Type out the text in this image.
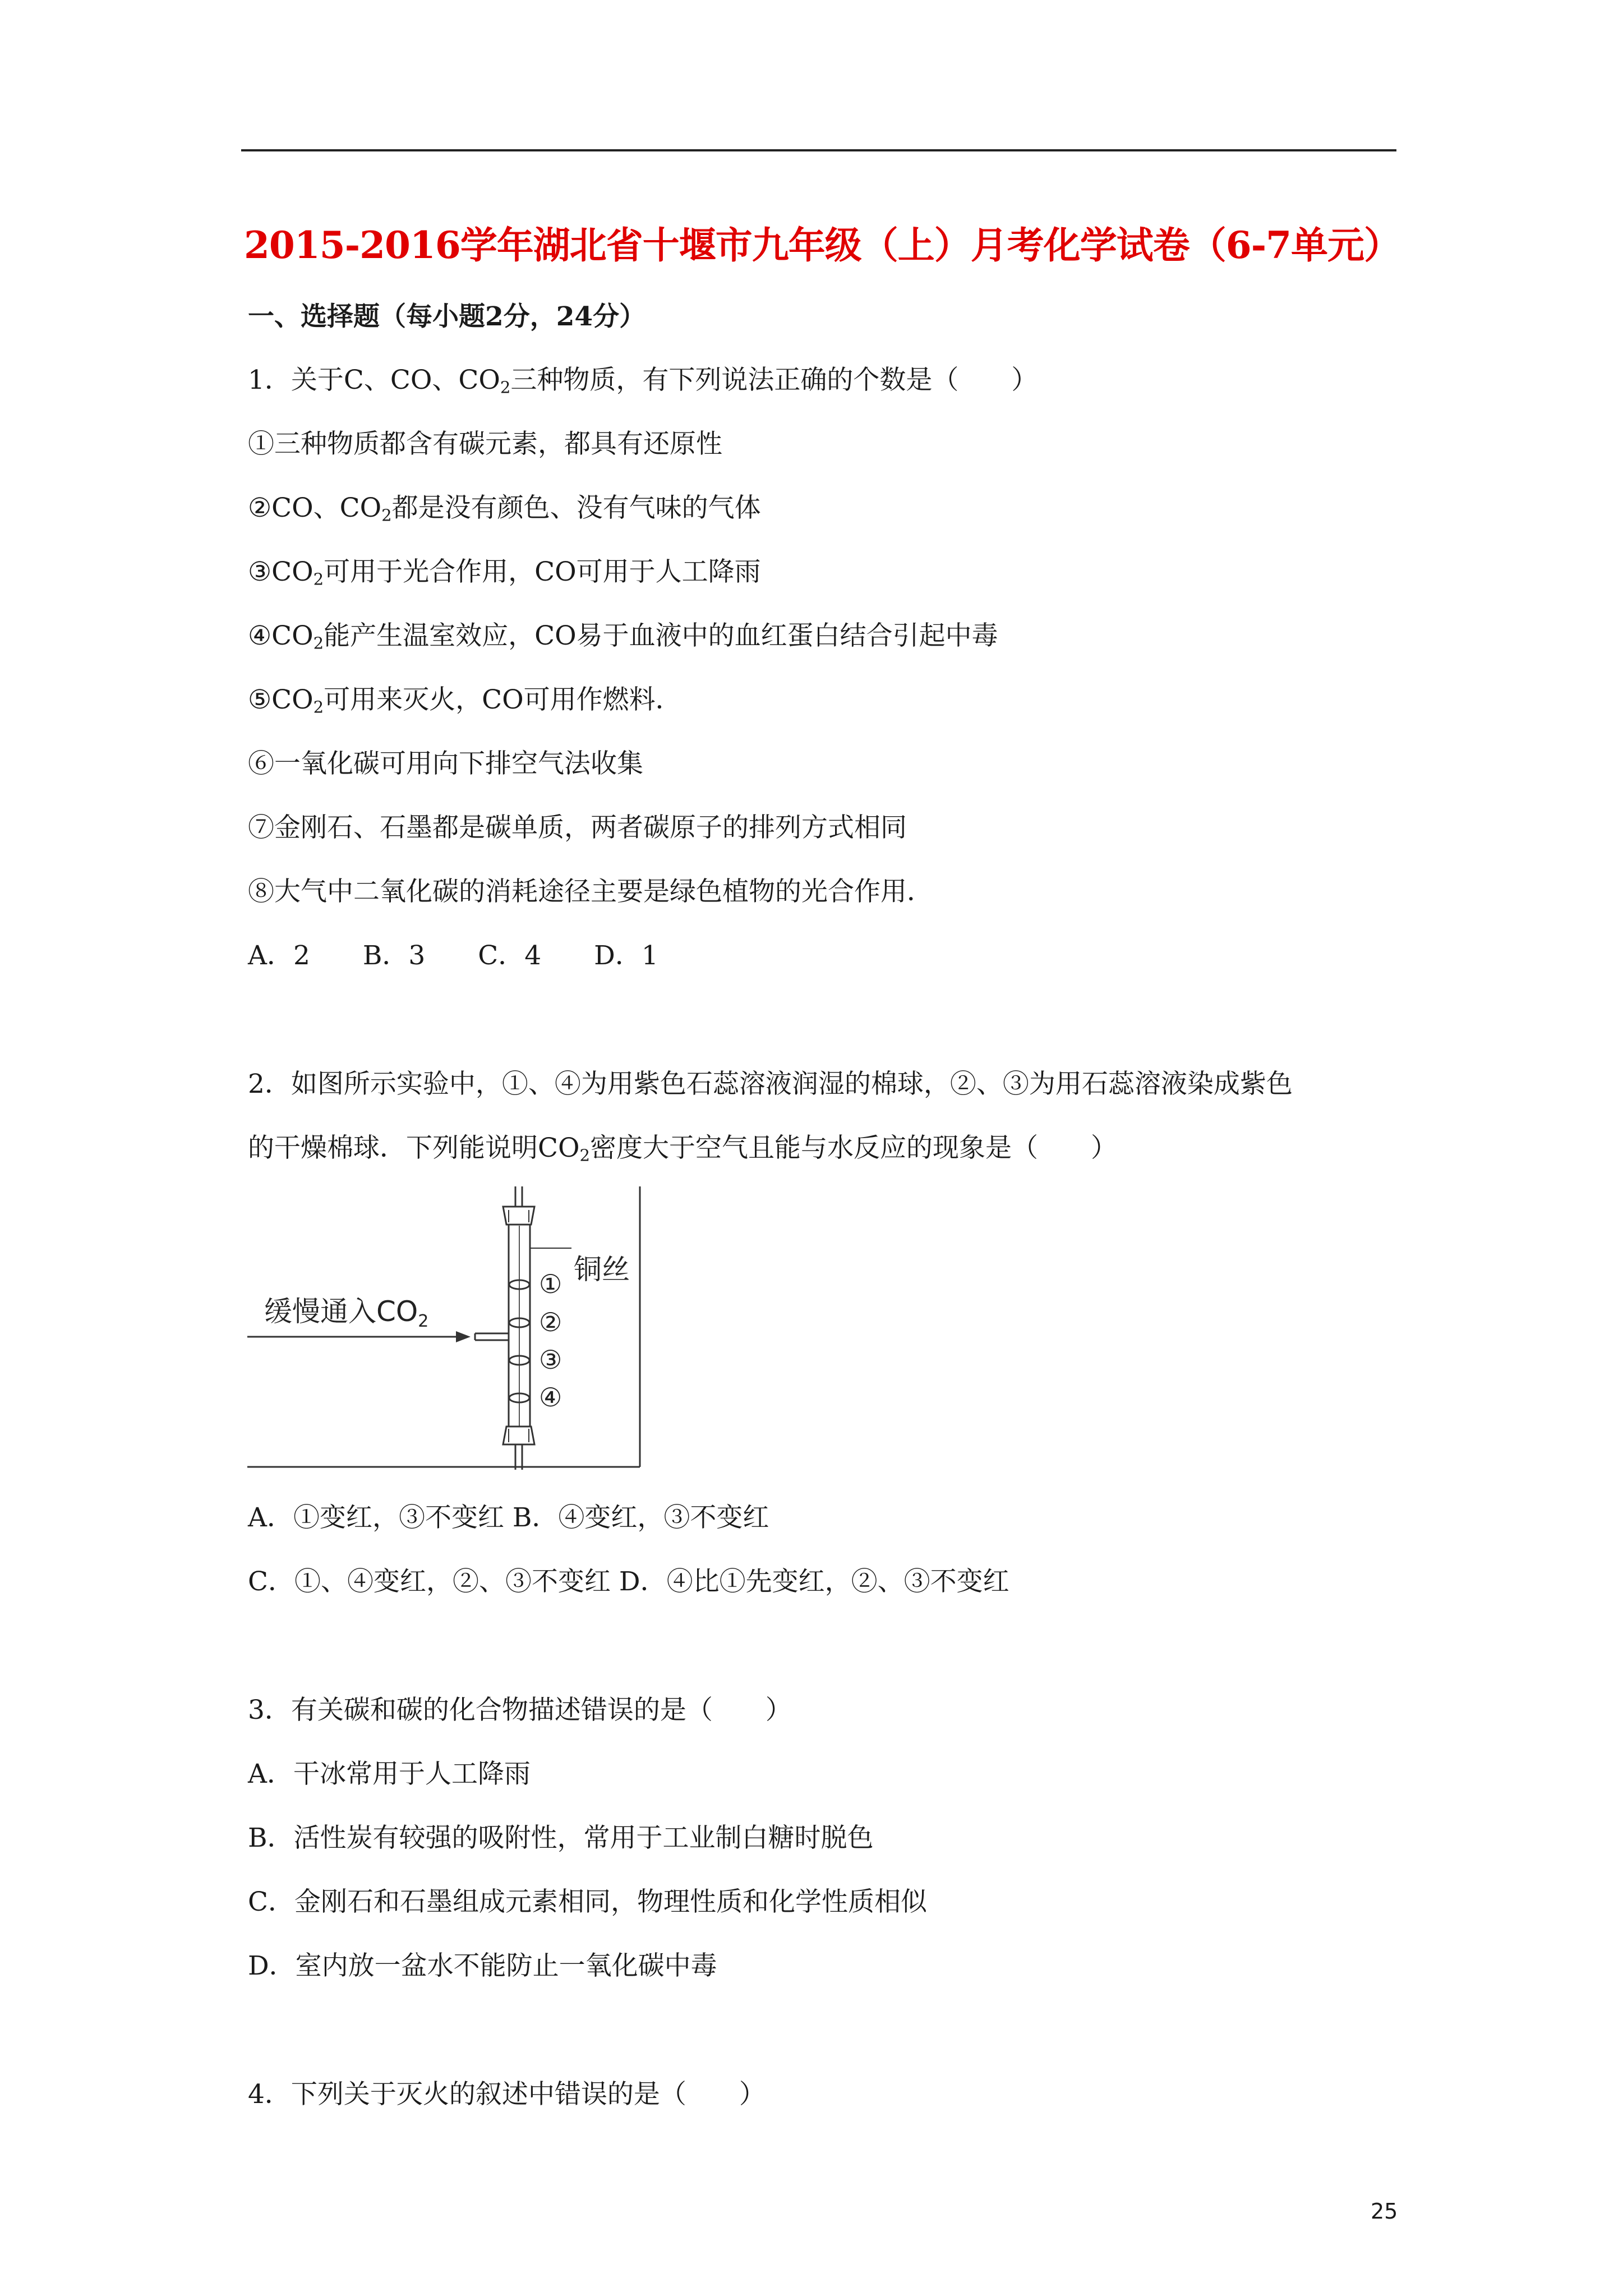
2015-2016学年湖北省十堰市九年级（上）月考化学试卷（6-7单元）
一、选择题（每小题2分，24分）
1．关于C、CO、$CO_2$三种物质，有下列说法正确的个数是（　　）
①三种物质都含有碳元素，都具有还原性
②CO、$CO_2$都是没有颜色、没有气味的气体
$③CO_2$可用于光合作用，CO可用于人工降雨
$④CO_2$能产生温室效应，CO易于血液中的血红蛋白结合引起中毒
$⑤CO_2$可用来灭火，CO可用作燃料．
⑥一氧化碳可用向下排空气法收集
⑦金刚石、石墨都是碳单质，两者碳原子的排列方式相同
⑧大气中二氧化碳的消耗途径主要是绿色植物的光合作用．
A．2　　B．3　　C．4　　D．1
2．如图所示实验中，①、④为用紫色石蕊溶液润湿的棉球，②、③为用石蕊溶液染成紫色
的干燥棉球．下列能说明$CO_2$密度大于空气且能与水反应的现象是（　　）
缓慢通入$CO_2$
铜丝
①
②
③
④
A．①变红，③不变红 B．④变红，③不变红
C．①、④变红，②、③不变红 D．④比①先变红，②、③不变红
3．有关碳和碳的化合物描述错误的是（　　）
A．干冰常用于人工降雨
B．活性炭有较强的吸附性，常用于工业制白糖时脱色
C．金刚石和石墨组成元素相同，物理性质和化学性质相似
D．室内放一盆水不能防止一氧化碳中毒
4．下列关于灭火的叙述中错误的是（　　）
25
